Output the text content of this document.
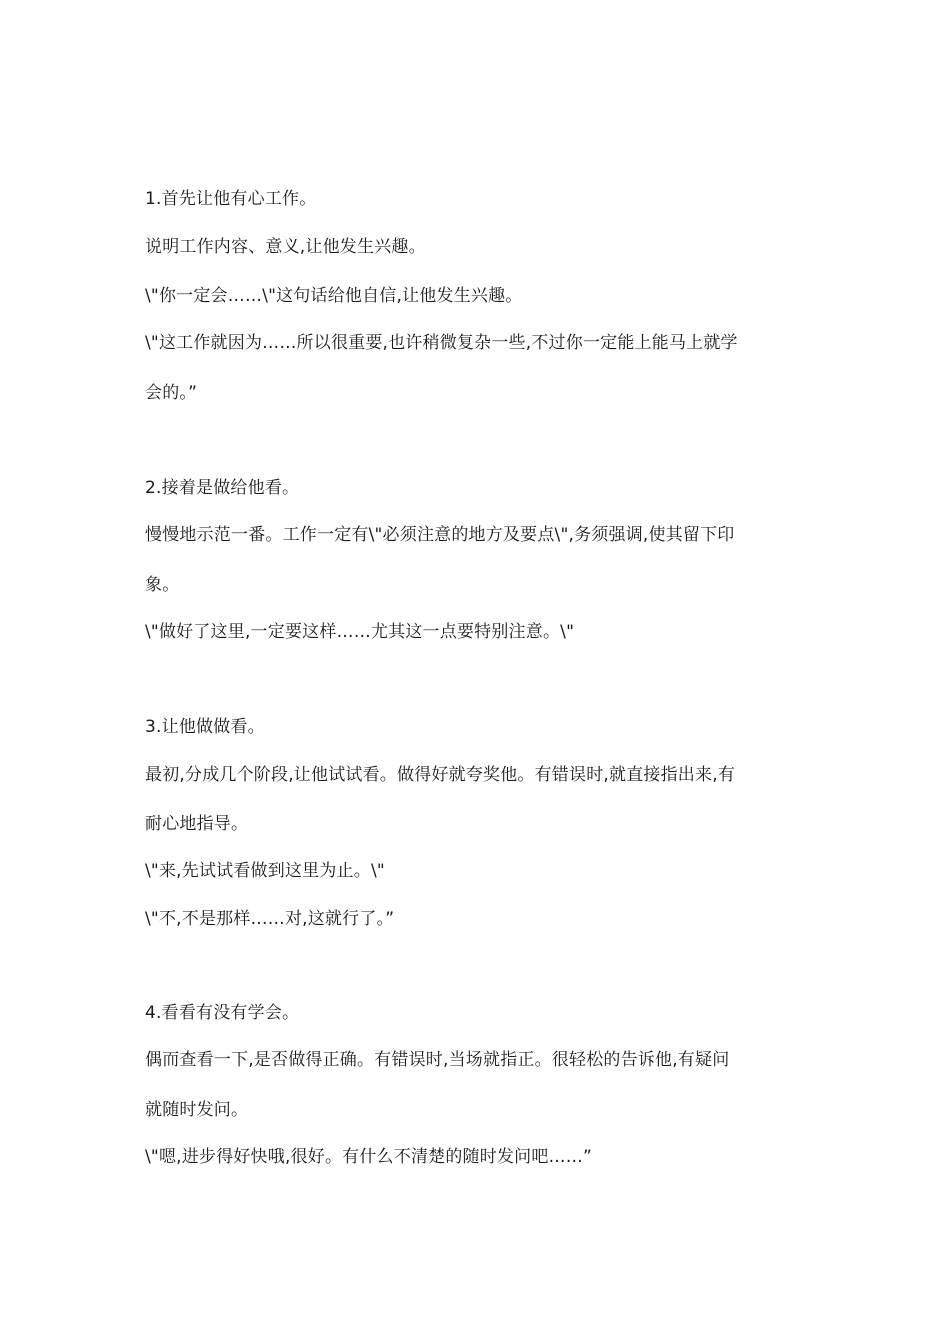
1.首先让他有心工作。
说明工作内容、意义,让他发生兴趣。
\"你一定会……\"这句话给他自信,让他发生兴趣。
\"这工作就因为……所以很重要,也许稍微复杂一些,不过你一定能上能马上就学
会的。”
2.接着是做给他看。
慢慢地示范一番。工作一定有\"必须注意的地方及要点\",务须强调,使其留下印
象。
\"做好了这里,一定要这样……尤其这一点要特别注意。\"
3.让他做做看。
最初,分成几个阶段,让他试试看。做得好就夸奖他。有错误时,就直接指出来,有
耐心地指导。
\"来,先试试看做到这里为止。\"
\"不,不是那样……对,这就行了。”
4.看看有没有学会。
偶而查看一下,是否做得正确。有错误时,当场就指正。很轻松的告诉他,有疑问
就随时发问。
\"嗯,进步得好快哦,很好。有什么不清楚的随时发问吧……”
